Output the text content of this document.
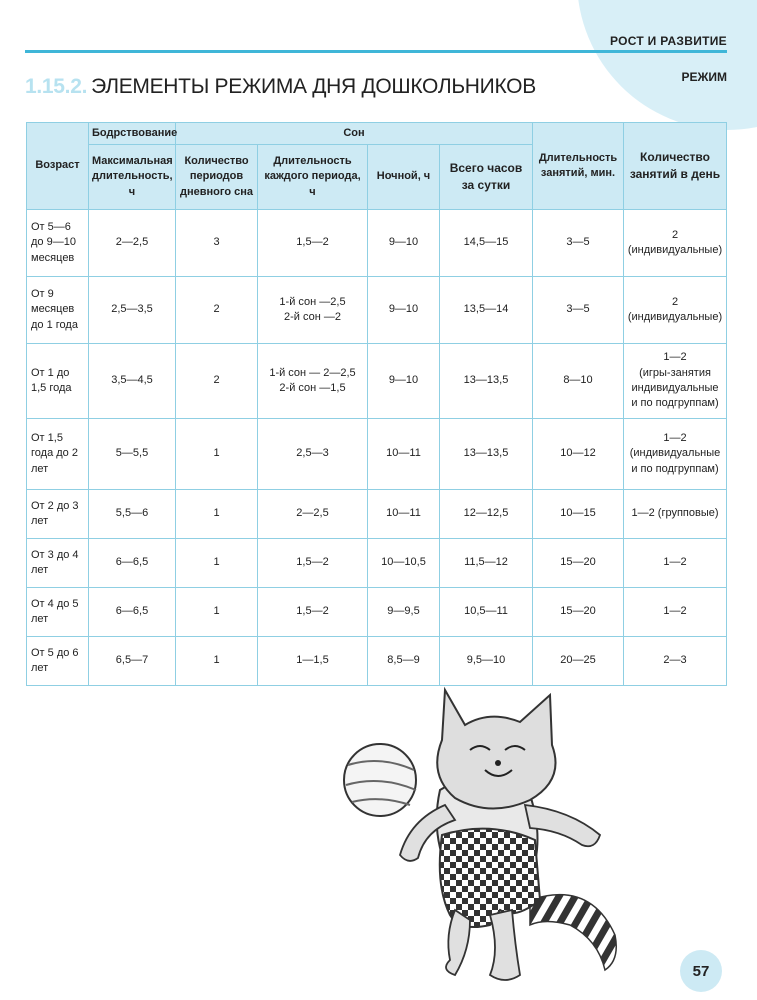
РОСТ И РАЗВИТИЕ
РЕЖИМ
1.15.2. ЭЛЕМЕНТЫ РЕЖИМА ДНЯ ДОШКОЛЬНИКОВ
Возраст	Бодрствование	Сон				Длительность занятий, мин.	Количество занятий в день
	Максимальная длительность, ч	Количество периодов дневного сна	Длительность каждого периода, ч	Ночной, ч	Всего часов за сутки		
От 5—6
до 9—10
месяцев	2—2,5	3	1,5—2	9—10	14,5—15	3—5	2
(индивидуальные)
От 9
месяцев
до 1 года	2,5—3,5	2	1-й сон —2,5
2-й сон —2	9—10	13,5—14	3—5	2
(индивидуальные)
От 1 до
1,5 года	3,5—4,5	2	1-й сон — 2—2,5
2-й сон —1,5	9—10	13—13,5	8—10	1—2
(игры-занятия
индивидуальные
и по подгруппам)
От 1,5
года до 2
лет	5—5,5	1	2,5—3	10—11	13—13,5	10—12	1—2
(индивидуальные
и по подгруппам)
От 2 до 3
лет	5,5—6	1	2—2,5	10—11	12—12,5	10—15	1—2 (групповые)
От 3 до 4
лет	6—6,5	1	1,5—2	10—10,5	11,5—12	15—20	1—2
От 4 до 5
лет	6—6,5	1	1,5—2	9—9,5	10,5—11	15—20	1—2
От 5 до 6
лет	6,5—7	1	1—1,5	8,5—9	9,5—10	20—25	2—3
57
